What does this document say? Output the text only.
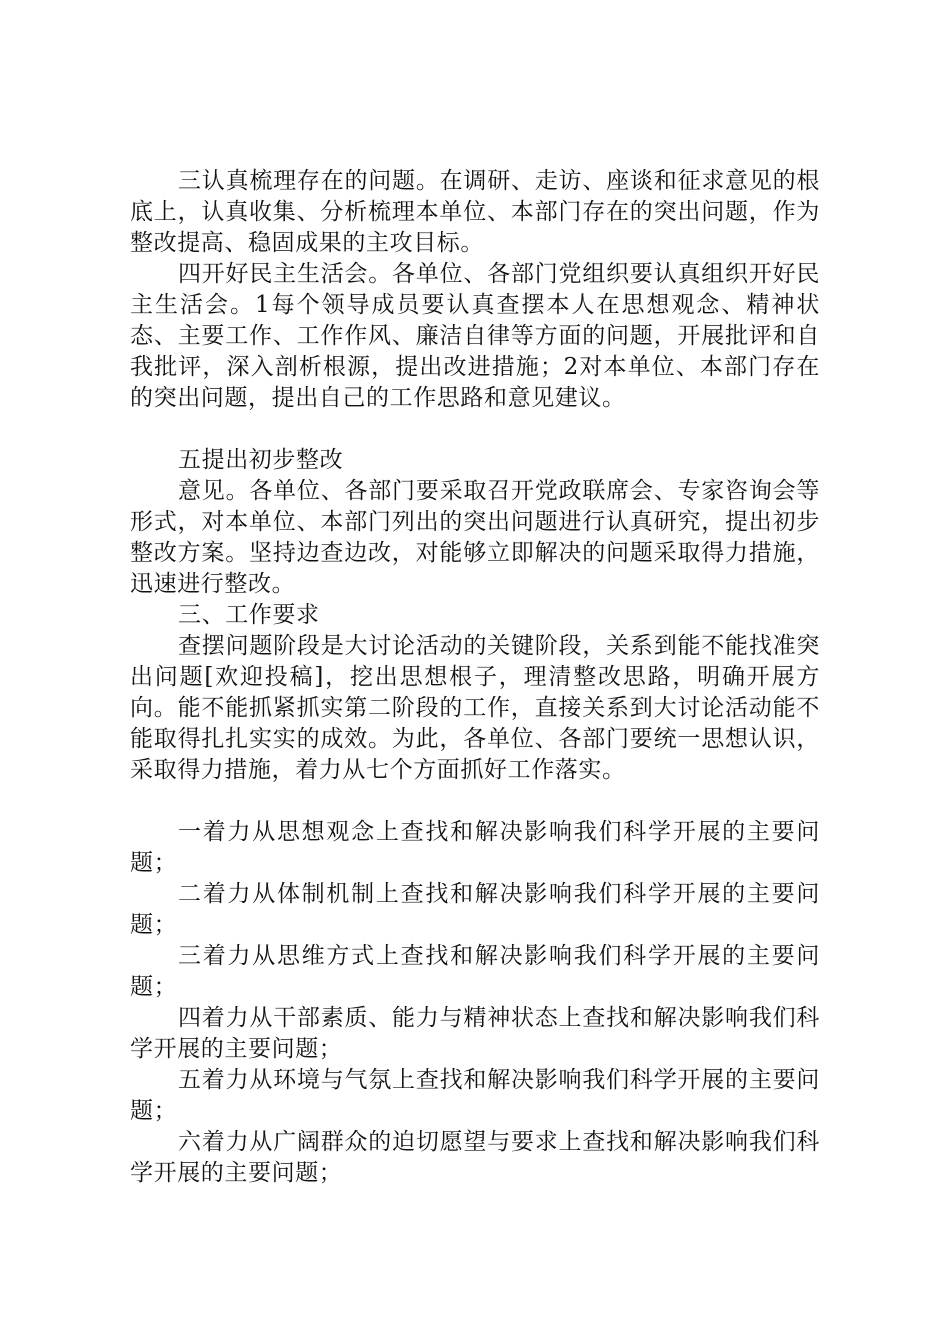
三认真梳理存在的问题。在调研、走访、座谈和征求意见的根底上，认真收集、分析梳理本单位、本部门存在的突出问题，作为整改提高、稳固成果的主攻目标。

四开好民主生活会。各单位、各部门党组织要认真组织开好民主生活会。1每个领导成员要认真查摆本人在思想观念、精神状态、主要工作、工作作风、廉洁自律等方面的问题，开展批评和自我批评，深入剖析根源，提出改进措施；2对本单位、本部门存在的突出问题，提出自己的工作思路和意见建议。

五提出初步整改

意见。各单位、各部门要采取召开党政联席会、专家咨询会等形式，对本单位、本部门列出的突出问题进行认真研究，提出初步整改方案。坚持边查边改，对能够立即解决的问题采取得力措施，迅速进行整改。

三、工作要求

查摆问题阶段是大讨论活动的关键阶段，关系到能不能找准突出问题[欢迎投稿]，挖出思想根子，理清整改思路，明确开展方向。能不能抓紧抓实第二阶段的工作，直接关系到大讨论活动能不能取得扎扎实实的成效。为此，各单位、各部门要统一思想认识，采取得力措施，着力从七个方面抓好工作落实。

一着力从思想观念上查找和解决影响我们科学开展的主要问题；

二着力从体制机制上查找和解决影响我们科学开展的主要问题；

三着力从思维方式上查找和解决影响我们科学开展的主要问题；

四着力从干部素质、能力与精神状态上查找和解决影响我们科学开展的主要问题；

五着力从环境与气氛上查找和解决影响我们科学开展的主要问题；

六着力从广阔群众的迫切愿望与要求上查找和解决影响我们科学开展的主要问题；
